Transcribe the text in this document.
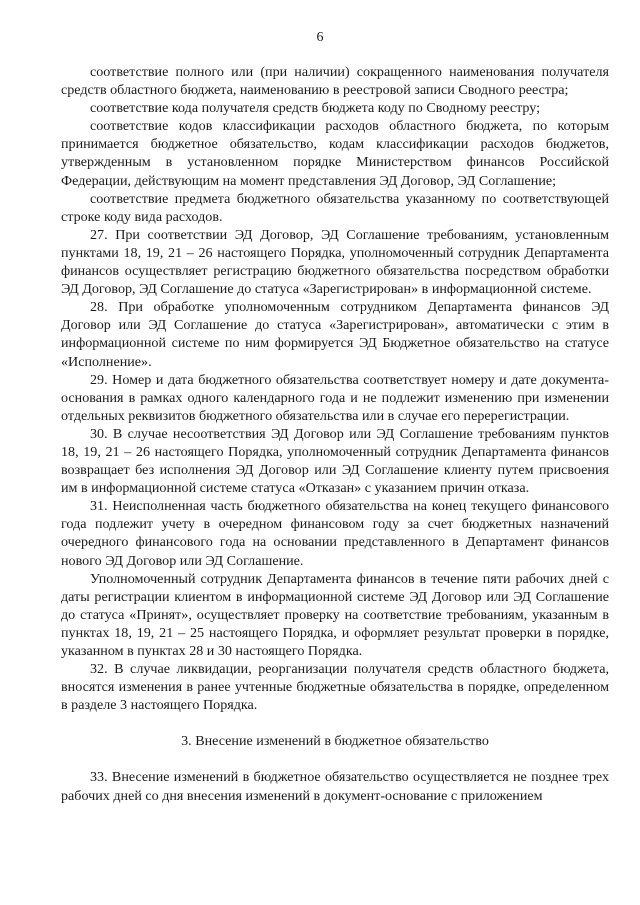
6

соответствие полного или (при наличии) сокращенного наименования получателя средств областного бюджета, наименованию в реестровой записи Сводного реестра;

соответствие кода получателя средств бюджета коду по Сводному реестру;

соответствие кодов классификации расходов областного бюджета, по которым принимается бюджетное обязательство, кодам классификации расходов бюджетов, утвержденным в установленном порядке Министерством финансов Российской Федерации, действующим на момент представления ЭД Договор, ЭД Соглашение;

соответствие предмета бюджетного обязательства указанному по соответствующей строке коду вида расходов.

27. При соответствии ЭД Договор, ЭД Соглашение требованиям, установленным пунктами 18, 19, 21 – 26 настоящего Порядка, уполномоченный сотрудник Департамента финансов осуществляет регистрацию бюджетного обязательства посредством обработки ЭД Договор, ЭД Соглашение до статуса «Зарегистрирован» в информационной системе.

28. При обработке уполномоченным сотрудником Департамента финансов ЭД Договор или ЭД Соглашение до статуса «Зарегистрирован», автоматически с этим в информационной системе по ним формируется ЭД Бюджетное обязательство на статусе «Исполнение».

29. Номер и дата бюджетного обязательства соответствует номеру и дате документа-основания в рамках одного календарного года и не подлежит изменению при изменении отдельных реквизитов бюджетного обязательства или в случае его перерегистрации.

30. В случае несоответствия ЭД Договор или ЭД Соглашение требованиям пунктов 18, 19, 21 – 26 настоящего Порядка, уполномоченный сотрудник Департамента финансов возвращает без исполнения ЭД Договор или ЭД Соглашение клиенту путем присвоения им в информационной системе статуса «Отказан» с указанием причин отказа.

31. Неисполненная часть бюджетного обязательства на конец текущего финансового года подлежит учету в очередном финансовом году за счет бюджетных назначений очередного финансового года на основании представленного в Департамент финансов нового ЭД Договор или ЭД Соглашение.

Уполномоченный сотрудник Департамента финансов в течение пяти рабочих дней с даты регистрации клиентом в информационной системе ЭД Договор или ЭД Соглашение до статуса «Принят», осуществляет проверку на соответствие требованиям, указанным в пунктах 18, 19, 21 – 25 настоящего Порядка, и оформляет результат проверки в порядке, указанном в пунктах 28 и 30 настоящего Порядка.

32. В случае ликвидации, реорганизации получателя средств областного бюджета, вносятся изменения в ранее учтенные бюджетные обязательства в порядке, определенном в разделе 3 настоящего Порядка.

3. Внесение изменений в бюджетное обязательство

33. Внесение изменений в бюджетное обязательство осуществляется не позднее трех рабочих дней со дня внесения изменений в документ-основание с приложением
